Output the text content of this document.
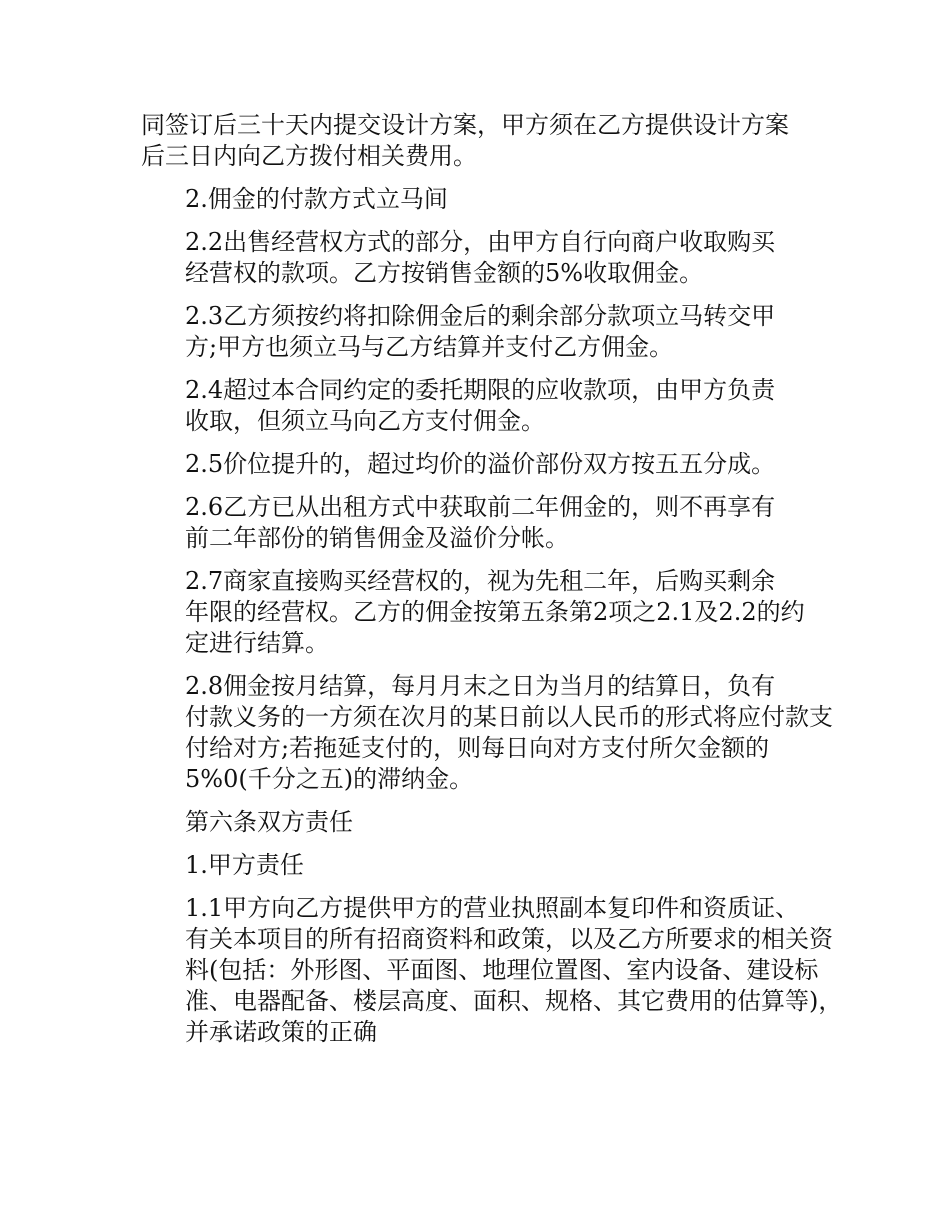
同签订后三十天内提交设计方案，甲方须在乙方提供设计方案
后三日内向乙方拨付相关费用。

2.佣金的付款方式立马间

2.2出售经营权方式的部分，由甲方自行向商户收取购买
经营权的款项。乙方按销售金额的5%收取佣金。

2.3乙方须按约将扣除佣金后的剩余部分款项立马转交甲
方;甲方也须立马与乙方结算并支付乙方佣金。

2.4超过本合同约定的委托期限的应收款项，由甲方负责
收取，但须立马向乙方支付佣金。

2.5价位提升的，超过均价的溢价部份双方按五五分成。

2.6乙方已从出租方式中获取前二年佣金的，则不再享有
前二年部份的销售佣金及溢价分帐。

2.7商家直接购买经营权的，视为先租二年，后购买剩余
年限的经营权。乙方的佣金按第五条第2项之2.1及2.2的约
定进行结算。

2.8佣金按月结算，每月月末之日为当月的结算日，负有
付款义务的一方须在次月的某日前以人民币的形式将应付款支
付给对方;若拖延支付的，则每日向对方支付所欠金额的
5%0(千分之五)的滞纳金。

第六条双方责任

1.甲方责任

1.1甲方向乙方提供甲方的营业执照副本复印件和资质证、
有关本项目的所有招商资料和政策，以及乙方所要求的相关资
料(包括：外形图、平面图、地理位置图、室内设备、建设标
准、电器配备、楼层高度、面积、规格、其它费用的估算等)，
并承诺政策的正确
